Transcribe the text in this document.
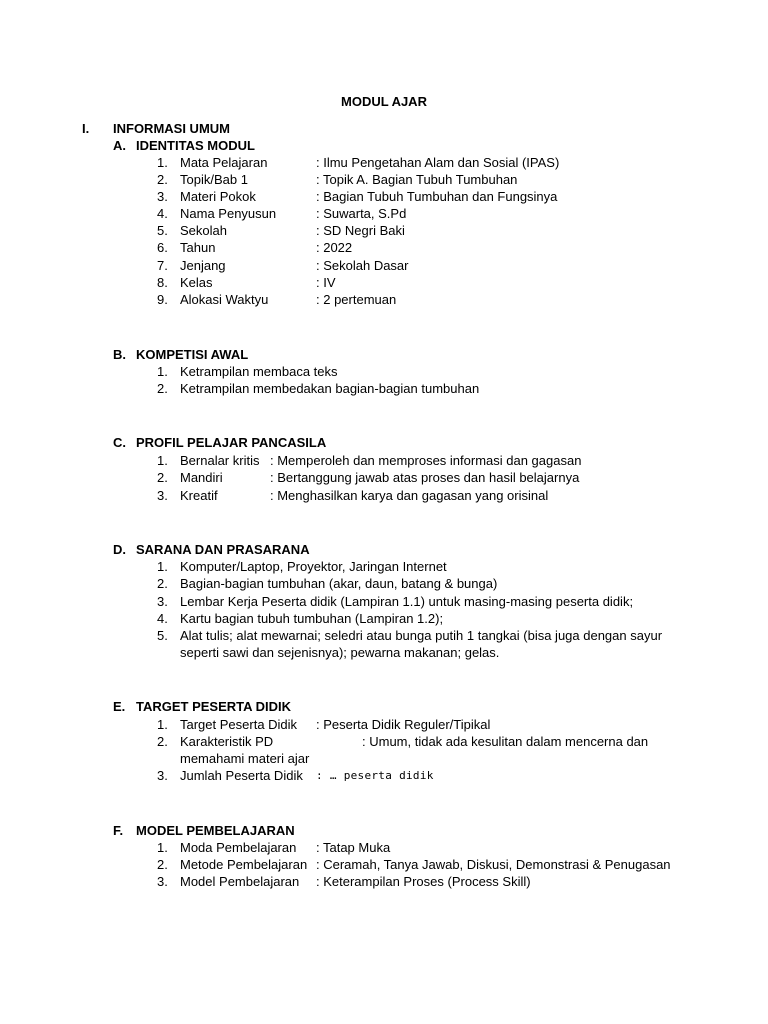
MODUL AJAR
I. INFORMASI UMUM
A. IDENTITAS MODUL
1. Mata Pelajaran	: Ilmu Pengetahan Alam dan Sosial (IPAS)
2. Topik/Bab 1	: Topik A. Bagian Tubuh Tumbuhan
3. Materi Pokok	: Bagian Tubuh Tumbuhan dan Fungsinya
4. Nama Penyusun	: Suwarta, S.Pd
5. Sekolah	: SD Negri Baki
6. Tahun	: 2022
7. Jenjang	: Sekolah Dasar
8. Kelas	: IV
9. Alokasi Waktyu	: 2 pertemuan
B. KOMPETISI AWAL
1. Ketrampilan membaca teks
2. Ketrampilan membedakan bagian-bagian tumbuhan
C. PROFIL PELAJAR PANCASILA
1. Bernalar kritis : Memperoleh dan memproses informasi dan gagasan
2. Mandiri	: Bertanggung jawab atas proses dan hasil belajarnya
3. Kreatif	: Menghasilkan karya dan gagasan yang orisinal
D. SARANA DAN PRASARANA
1. Komputer/Laptop, Proyektor, Jaringan Internet
2. Bagian-bagian tumbuhan (akar, daun, batang & bunga)
3. Lembar Kerja Peserta didik (Lampiran 1.1) untuk masing-masing peserta didik;
4. Kartu bagian tubuh tumbuhan (Lampiran 1.2);
5. Alat tulis; alat mewarnai; seledri atau bunga putih 1 tangkai (bisa juga dengan sayur
seperti sawi dan sejenisnya); pewarna makanan; gelas.
E. TARGET PESERTA DIDIK
1. Target Peserta Didik : Peserta Didik Reguler/Tipikal
2. Karakteristik PD	: Umum, tidak ada kesulitan dalam mencerna dan
memahami materi ajar
3. Jumlah Peserta Didik : … peserta didik
F. MODEL PEMBELAJARAN
1. Moda Pembelajaran : Tatap Muka
2. Metode Pembelajaran : Ceramah, Tanya Jawab, Diskusi, Demonstrasi & Penugasan
3. Model Pembelajaran : Keterampilan Proses (Process Skill)
